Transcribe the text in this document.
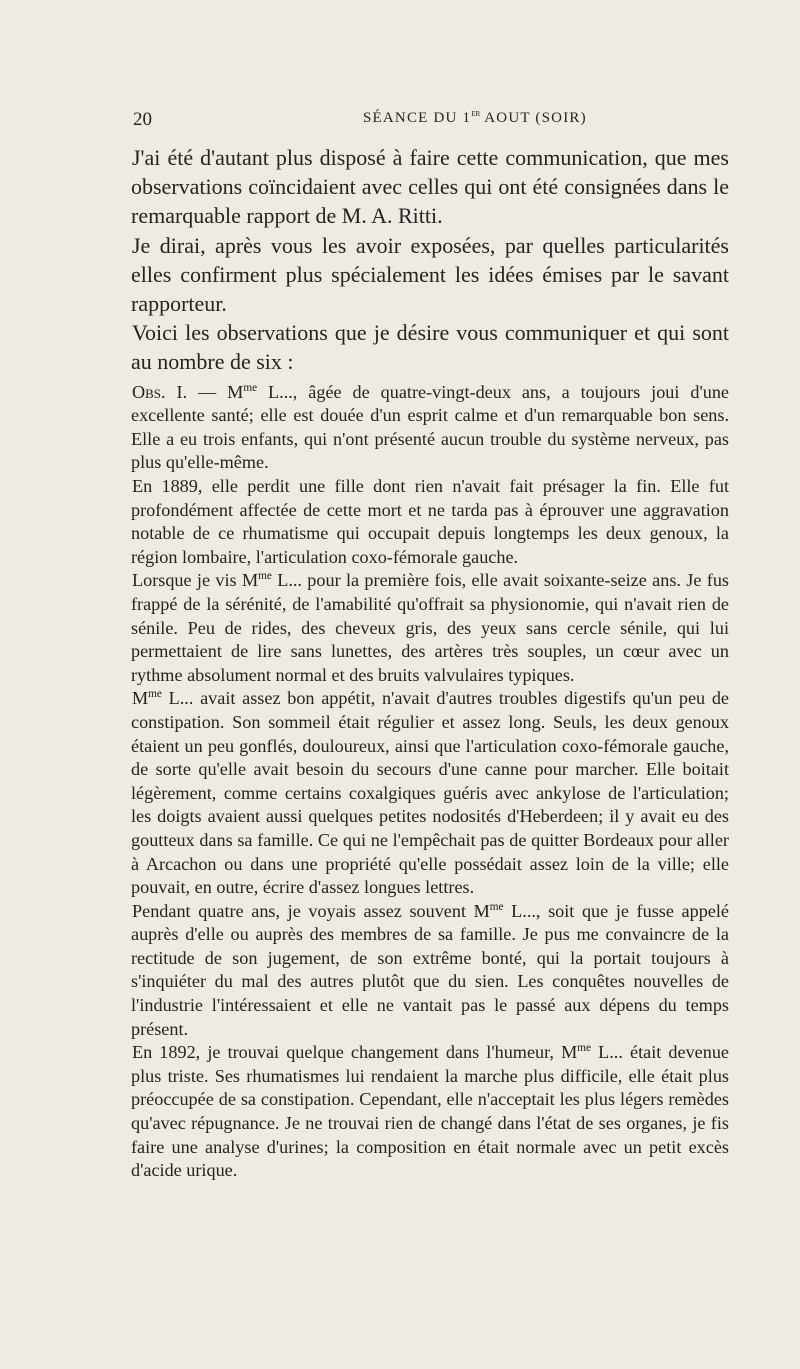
20	SÉANCE DU 1er AOUT (SOIR)

J'ai été d'autant plus disposé à faire cette communication, que mes observations coïncidaient avec celles qui ont été consignées dans le remarquable rapport de M. A. Ritti.

Je dirai, après vous les avoir exposées, par quelles particularités elles confirment plus spécialement les idées émises par le savant rapporteur.

Voici les observations que je désire vous communiquer et qui sont au nombre de six :

Obs. I. — $M^{me}$ L..., âgée de quatre-vingt-deux ans, a toujours joui d'une excellente santé; elle est douée d'un esprit calme et d'un remarquable bon sens. Elle a eu trois enfants, qui n'ont présenté aucun trouble du système nerveux, pas plus qu'elle-même.

En 1889, elle perdit une fille dont rien n'avait fait présager la fin. Elle fut profondément affectée de cette mort et ne tarda pas à éprouver une aggravation notable de ce rhumatisme qui occupait depuis longtemps les deux genoux, la région lombaire, l'articulation coxo-fémorale gauche.

Lorsque je vis $M^{me}$ L... pour la première fois, elle avait soixante-seize ans. Je fus frappé de la sérénité, de l'amabilité qu'offrait sa physionomie, qui n'avait rien de sénile. Peu de rides, des cheveux gris, des yeux sans cercle sénile, qui lui permettaient de lire sans lunettes, des artères très souples, un cœur avec un rythme absolument normal et des bruits valvulaires typiques.

$M^{me}$ L... avait assez bon appétit, n'avait d'autres troubles digestifs qu'un peu de constipation. Son sommeil était régulier et assez long. Seuls, les deux genoux étaient un peu gonflés, douloureux, ainsi que l'articulation coxo-fémorale gauche, de sorte qu'elle avait besoin du secours d'une canne pour marcher. Elle boitait légèrement, comme certains coxalgiques guéris avec ankylose de l'articulation; les doigts avaient aussi quelques petites nodosités d'Heberdeen; il y avait eu des goutteux dans sa famille. Ce qui ne l'empêchait pas de quitter Bordeaux pour aller à Arcachon ou dans une propriété qu'elle possédait assez loin de la ville; elle pouvait, en outre, écrire d'assez longues lettres.

Pendant quatre ans, je voyais assez souvent $M^{me}$ L..., soit que je fusse appelé auprès d'elle ou auprès des membres de sa famille. Je pus me convaincre de la rectitude de son jugement, de son extrême bonté, qui la portait toujours à s'inquiéter du mal des autres plutôt que du sien. Les conquêtes nouvelles de l'industrie l'intéressaient et elle ne vantait pas le passé aux dépens du temps présent.

En 1892, je trouvai quelque changement dans l'humeur, $M^{me}$ L... était devenue plus triste. Ses rhumatismes lui rendaient la marche plus difficile, elle était plus préoccupée de sa constipation. Cependant, elle n'acceptait les plus légers remèdes qu'avec répugnance. Je ne trouvai rien de changé dans l'état de ses organes, je fis faire une analyse d'urines; la composition en était normale avec un petit excès d'acide urique.
